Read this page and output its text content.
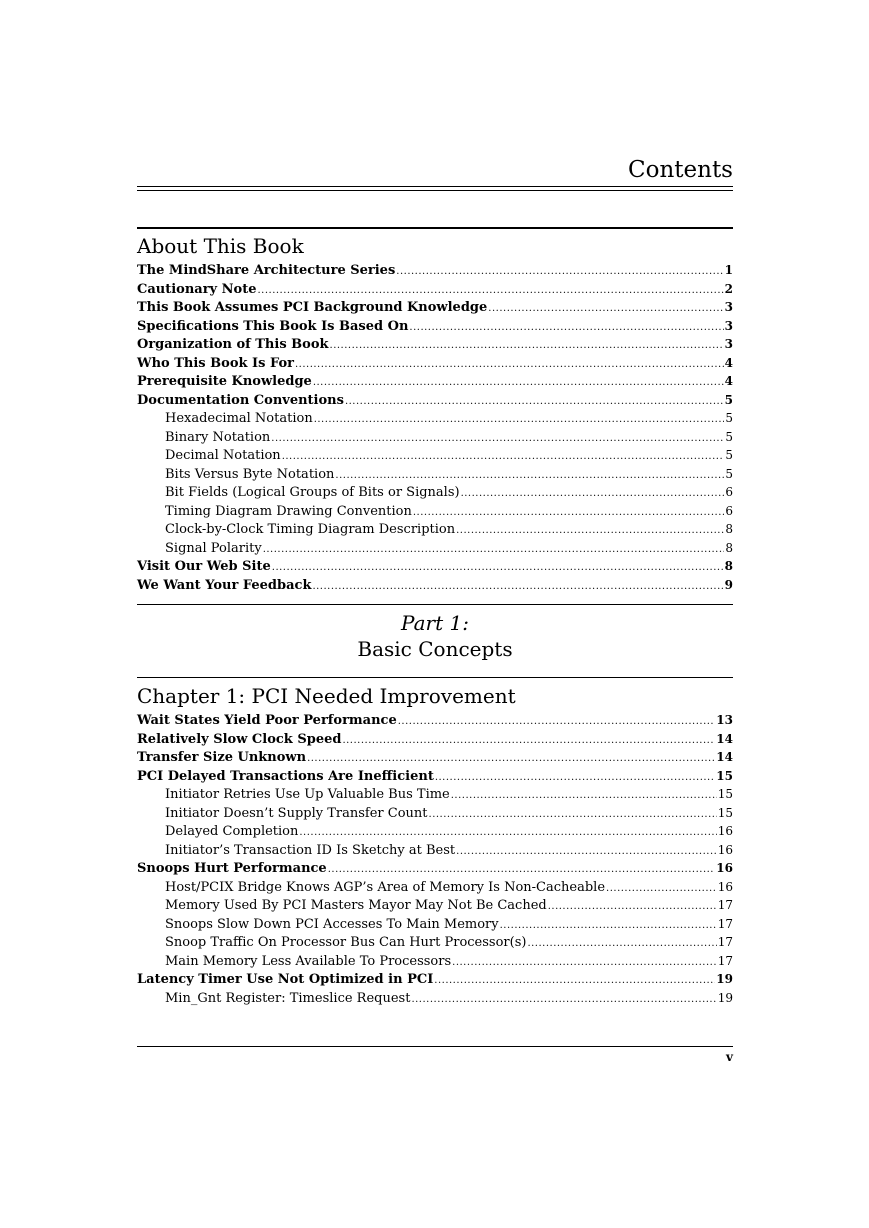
Contents
About This Book
The MindShare Architecture Series .....	1
Cautionary Note .....	2
This Book Assumes PCI Background Knowledge .....	3
Specifications This Book Is Based On .....	3
Organization of This Book .....	3
Who This Book Is For .....	4
Prerequisite Knowledge .....	4
Documentation Conventions .....	5
Hexadecimal Notation .....	5
Binary Notation .....	5
Decimal Notation .....	5
Bits Versus Byte Notation .....	5
Bit Fields (Logical Groups of Bits or Signals) .....	6
Timing Diagram Drawing Convention .....	6
Clock-by-Clock Timing Diagram Description .....	8
Signal Polarity .....	8
Visit Our Web Site .....	8
We Want Your Feedback .....	9
Part 1:
Basic Concepts
Chapter 1: PCI Needed Improvement
Wait States Yield Poor Performance .....	13
Relatively Slow Clock Speed .....	14
Transfer Size Unknown .....	14
PCI Delayed Transactions Are Inefficient .....	15
Initiator Retries Use Up Valuable Bus Time .....	15
Initiator Doesn’t Supply Transfer Count .....	15
Delayed Completion .....	16
Initiator’s Transaction ID Is Sketchy at Best .....	16
Snoops Hurt Performance .....	16
Host/PCIX Bridge Knows AGP’s Area of Memory Is Non-Cacheable .....	16
Memory Used By PCI Masters Mayor May Not Be Cached .....	17
Snoops Slow Down PCI Accesses To Main Memory .....	17
Snoop Traffic On Processor Bus Can Hurt Processor(s) .....	17
Main Memory Less Available To Processors .....	17
Latency Timer Use Not Optimized in PCI .....	19
Min_Gnt Register: Timeslice Request .....	19
v
